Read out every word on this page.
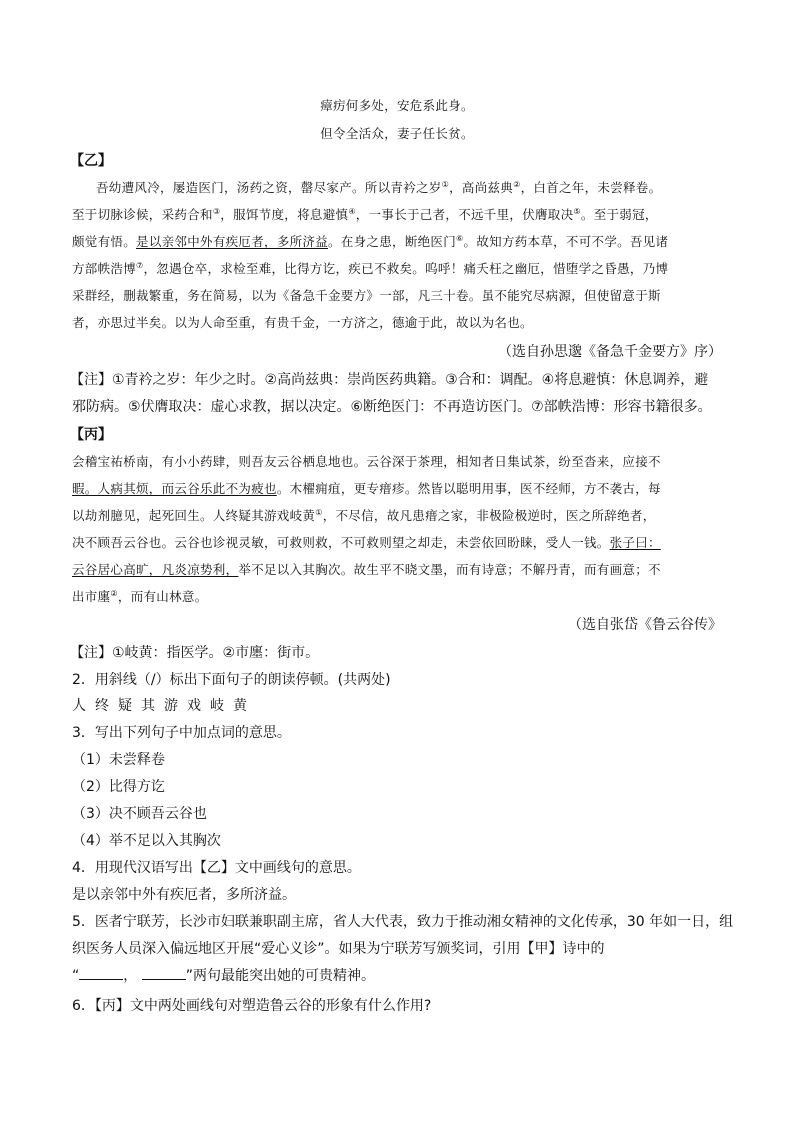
瘴疠何多处，安危系此身。
但令全活众，妻子任长贫。
【乙】
吾幼遭风冷，屡造医门，汤药之资，罄尽家产。所以青衿之岁①，高尚兹典②，白首之年，未尝释卷。
至于切脉诊候，采药合和③，服饵节度，将息避慎④，一事长于己者，不远千里，伏膺取决⑤。至于弱冠，
颇觉有悟。是以亲邻中外有疾厄者，多所济益。在身之患，断绝医门⑥。故知方药本草，不可不学。吾见诸
方部帙浩博⑦，忽遇仓卒，求检至难，比得方讫，疾已不救矣。呜呼！痛夭枉之幽厄，惜堕学之昏愚，乃博
采群经，删裁繁重，务在简易，以为《备急千金要方》一部，凡三十卷。虽不能究尽病源，但使留意于斯
者，亦思过半矣。以为人命至重，有贵千金，一方济之，德逾于此，故以为名也。
（选自孙思邈《备急千金要方》序）
【注】①青衿之岁：年少之时。②高尚兹典：崇尚医药典籍。③合和：调配。④将息避慎：休息调养，避
邪防病。⑤伏膺取决：虚心求教，据以决定。⑥断绝医门：不再造访医门。⑦部帙浩博：形容书籍很多。
【丙】
会稽宝祐桥南，有小小药肆，则吾友云谷栖息地也。云谷深于茶理，相知者日集试茶，纷至沓来，应接不
暇。人病其烦，而云谷乐此不为疲也。木櫂痈疽，更专瘄疹。然皆以聪明用事，医不经师，方不袭古，每
以劫剂臆见，起死回生。人终疑其游戏岐黄①，不尽信，故凡患瘄之家，非极险极逆时，医之所辞绝者，
决不顾吾云谷也。云谷也诊视灵敏，可救则救，不可救则望之却走，未尝依回盼睐，受人一钱。张子曰：
云谷居心高旷，凡炎凉势利，举不足以入其胸次。故生平不晓文墨，而有诗意；不解丹青，而有画意；不
出市廛②，而有山林意。
（选自张岱《鲁云谷传》
【注】①岐黄：指医学。②市廛：街市。
2．用斜线（/）标出下面句子的朗读停顿。(共两处)
人终疑其游戏岐黄
3．写出下列句子中加点词的意思。
（1）未尝释卷
（2）比得方讫
（3）决不顾吾云谷也
（4）举不足以入其胸次
4．用现代汉语写出【乙】文中画线句的意思。
是以亲邻中外有疾厄者，多所济益。
5．医者宁联芳，长沙市妇联兼职副主席，省人大代表，致力于推动湘女精神的文化传承，30 年如一日，组
织医务人员深入偏远地区开展“爱心义诊”。如果为宁联芳写颁奖词，引用【甲】诗中的
“	，	”两句最能突出她的可贵精神。
6．【丙】文中两处画线句对塑造鲁云谷的形象有什么作用?
